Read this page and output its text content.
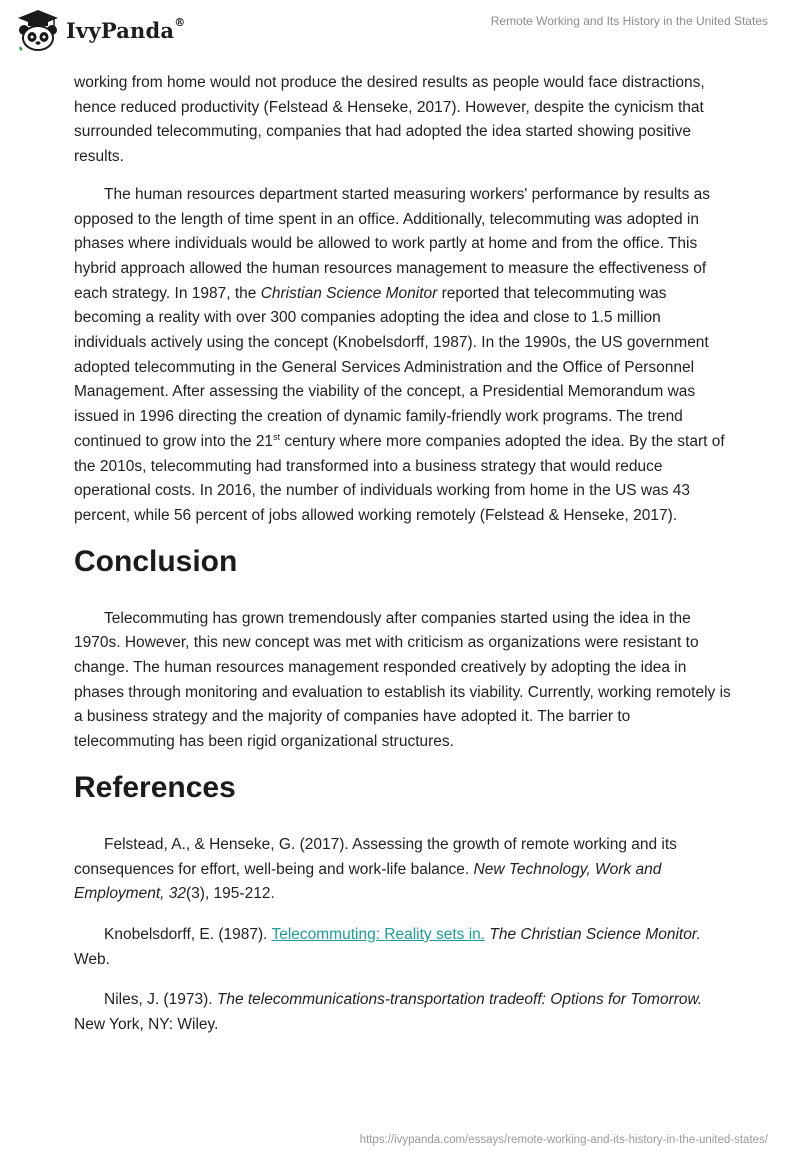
IvyPanda®	Remote Working and Its History in the United States

working from home would not produce the desired results as people would face distractions, hence reduced productivity (Felstead & Henseke, 2017). However, despite the cynicism that surrounded telecommuting, companies that had adopted the idea started showing positive results.

The human resources department started measuring workers' performance by results as opposed to the length of time spent in an office. Additionally, telecommuting was adopted in phases where individuals would be allowed to work partly at home and from the office. This hybrid approach allowed the human resources management to measure the effectiveness of each strategy. In 1987, the Christian Science Monitor reported that telecommuting was becoming a reality with over 300 companies adopting the idea and close to 1.5 million individuals actively using the concept (Knobelsdorff, 1987). In the 1990s, the US government adopted telecommuting in the General Services Administration and the Office of Personnel Management. After assessing the viability of the concept, a Presidential Memorandum was issued in 1996 directing the creation of dynamic family-friendly work programs. The trend continued to grow into the 21st century where more companies adopted the idea. By the start of the 2010s, telecommuting had transformed into a business strategy that would reduce operational costs. In 2016, the number of individuals working from home in the US was 43 percent, while 56 percent of jobs allowed working remotely (Felstead & Henseke, 2017).

Conclusion

Telecommuting has grown tremendously after companies started using the idea in the 1970s. However, this new concept was met with criticism as organizations were resistant to change. The human resources management responded creatively by adopting the idea in phases through monitoring and evaluation to establish its viability. Currently, working remotely is a business strategy and the majority of companies have adopted it. The barrier to telecommuting has been rigid organizational structures.

References

Felstead, A., & Henseke, G. (2017). Assessing the growth of remote working and its consequences for effort, well-being and work-life balance. New Technology, Work and Employment, 32(3), 195-212.

Knobelsdorff, E. (1987). Telecommuting: Reality sets in. The Christian Science Monitor. Web.

Niles, J. (1973). The telecommunications-transportation tradeoff: Options for Tomorrow. New York, NY: Wiley.

https://ivypanda.com/essays/remote-working-and-its-history-in-the-united-states/
